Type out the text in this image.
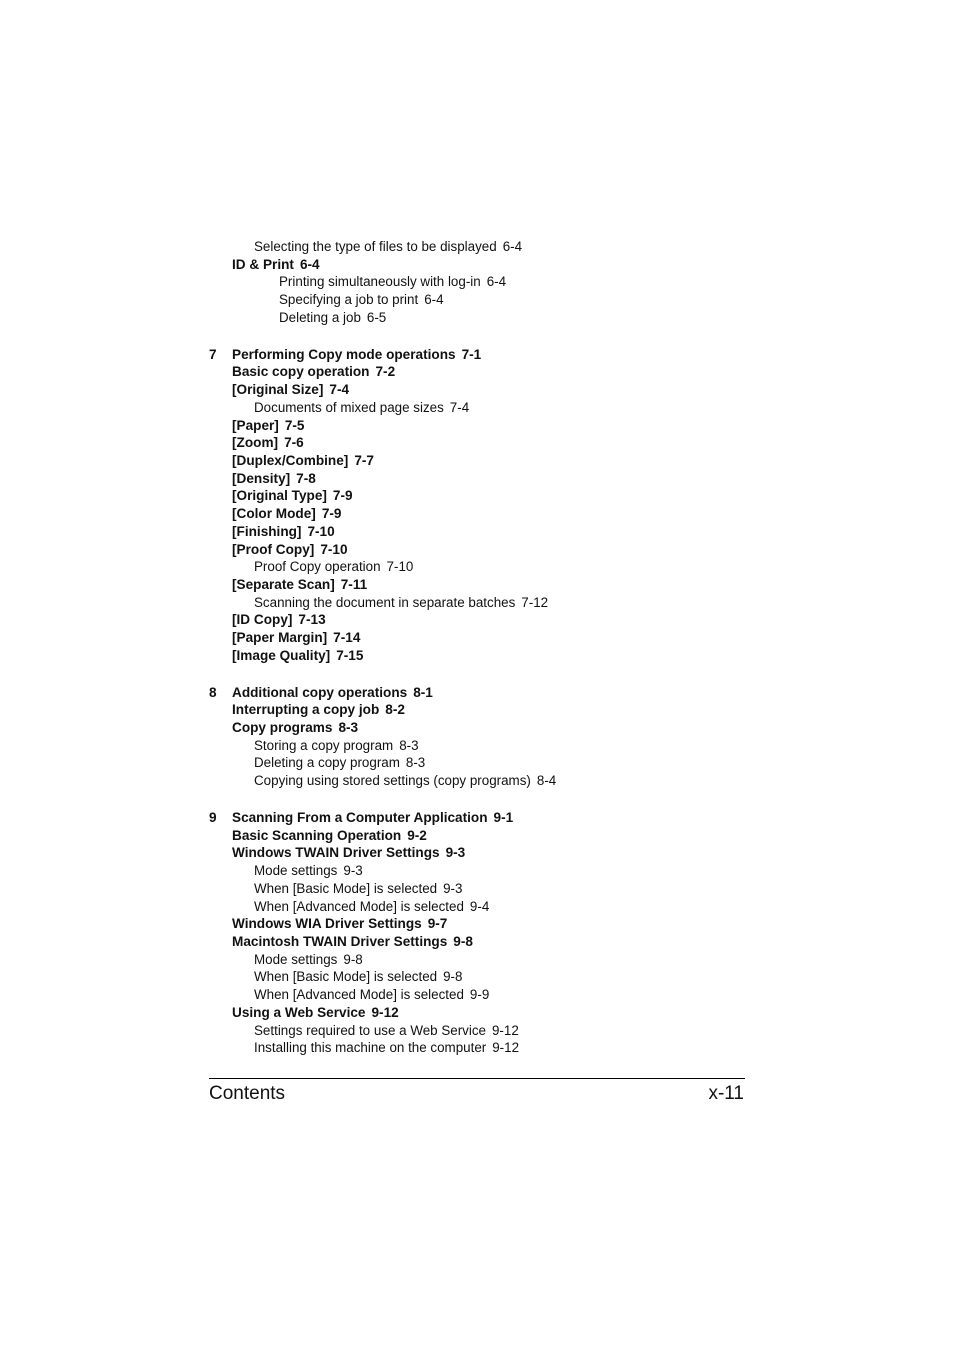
Selecting the type of files to be displayed 6-4
ID & Print 6-4
Printing simultaneously with log-in 6-4
Specifying a job to print 6-4
Deleting a job 6-5
7 Performing Copy mode operations 7-1
Basic copy operation 7-2
[Original Size] 7-4
Documents of mixed page sizes 7-4
[Paper] 7-5
[Zoom] 7-6
[Duplex/Combine] 7-7
[Density] 7-8
[Original Type] 7-9
[Color Mode] 7-9
[Finishing] 7-10
[Proof Copy] 7-10
Proof Copy operation 7-10
[Separate Scan] 7-11
Scanning the document in separate batches 7-12
[ID Copy] 7-13
[Paper Margin] 7-14
[Image Quality] 7-15
8 Additional copy operations 8-1
Interrupting a copy job 8-2
Copy programs 8-3
Storing a copy program 8-3
Deleting a copy program 8-3
Copying using stored settings (copy programs) 8-4
9 Scanning From a Computer Application 9-1
Basic Scanning Operation 9-2
Windows TWAIN Driver Settings 9-3
Mode settings 9-3
When [Basic Mode] is selected 9-3
When [Advanced Mode] is selected 9-4
Windows WIA Driver Settings 9-7
Macintosh TWAIN Driver Settings 9-8
Mode settings 9-8
When [Basic Mode] is selected 9-8
When [Advanced Mode] is selected 9-9
Using a Web Service 9-12
Settings required to use a Web Service 9-12
Installing this machine on the computer 9-12
Contents	x-11
